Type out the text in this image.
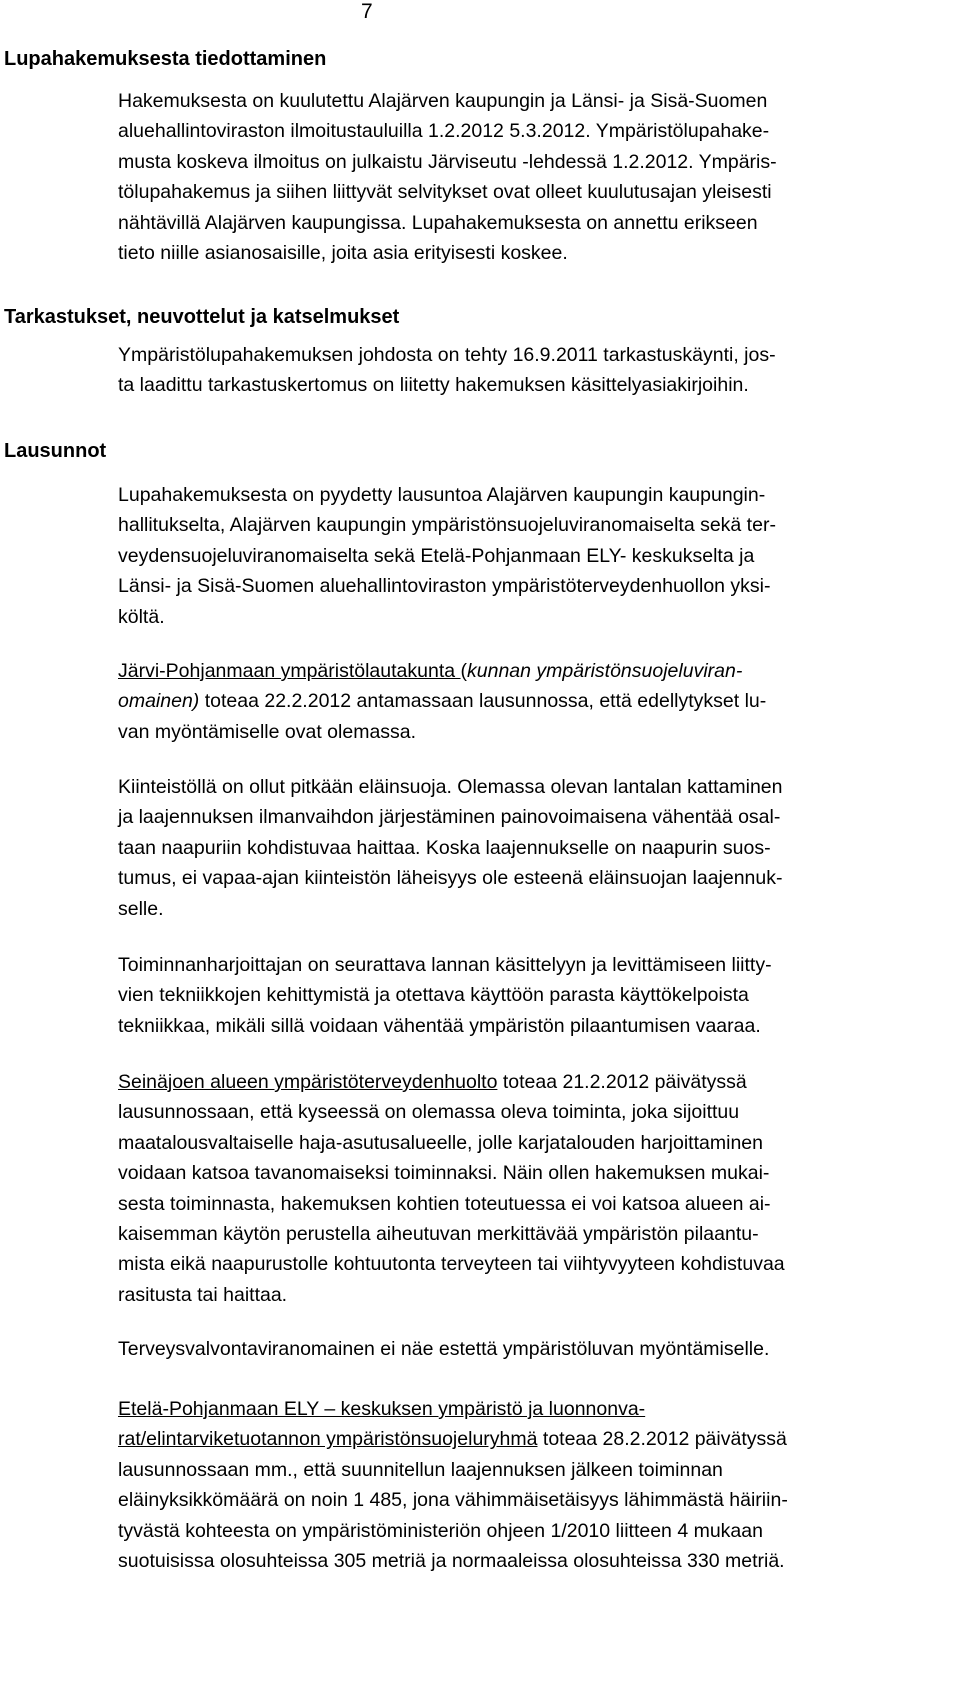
7
Lupahakemuksesta tiedottaminen
Hakemuksesta on kuulutettu Alajärven kaupungin ja Länsi- ja Sisä-Suomen
aluehallintoviraston ilmoitustauluilla 1.2.2012 5.3.2012. Ympäristölupahake-
musta koskeva ilmoitus on julkaistu Järviseutu -lehdessä 1.2.2012. Ympäris-
tölupahakemus ja siihen liittyvät selvitykset ovat olleet kuulutusajan yleisesti
nähtävillä Alajärven kaupungissa. Lupahakemuksesta on annettu erikseen
tieto niille asianosaisille, joita asia erityisesti koskee.
Tarkastukset, neuvottelut ja katselmukset
Ympäristölupahakemuksen johdosta on tehty 16.9.2011 tarkastuskäynti, jos-
ta laadittu tarkastuskertomus on liitetty hakemuksen käsittelyasiakirjoihin.
Lausunnot
Lupahakemuksesta on pyydetty lausuntoa Alajärven kaupungin kaupungin-
hallitukselta, Alajärven kaupungin ympäristönsuojeluviranomaiselta sekä ter-
veydensuojeluviranomaiselta sekä Etelä-Pohjanmaan ELY- keskukselta ja
Länsi- ja Sisä-Suomen aluehallintoviraston ympäristöterveydenhuollon yksi-
költä.
Järvi-Pohjanmaan ympäristölautakunta (kunnan ympäristönsuojeluviran-
omainen) toteaa 22.2.2012 antamassaan lausunnossa, että edellytykset lu-
van myöntämiselle ovat olemassa.
Kiinteistöllä on ollut pitkään eläinsuoja. Olemassa olevan lantalan kattaminen
ja laajennuksen ilmanvaihdon järjestäminen painovoimaisena vähentää osal-
taan naapuriin kohdistuvaa haittaa. Koska laajennukselle on naapurin suos-
tumus, ei vapaa-ajan kiinteistön läheisyys ole esteenä eläinsuojan laajennuk-
selle.
Toiminnanharjoittajan on seurattava lannan käsittelyyn ja levittämiseen liitty-
vien tekniikkojen kehittymistä ja otettava käyttöön parasta käyttökelpoista
tekniikkaa, mikäli sillä voidaan vähentää ympäristön pilaantumisen vaaraa.
Seinäjoen alueen ympäristöterveydenhuolto toteaa 21.2.2012 päivätyssä
lausunnossaan, että kyseessä on olemassa oleva toiminta, joka sijoittuu
maatalousvaltaiselle haja-asutusalueelle, jolle karjatalouden harjoittaminen
voidaan katsoa tavanomaiseksi toiminnaksi. Näin ollen hakemuksen mukai-
sesta toiminnasta, hakemuksen kohtien toteutuessa ei voi katsoa alueen ai-
kaisemman käytön perustella aiheutuvan merkittävää ympäristön pilaantu-
mista eikä naapurustolle kohtuutonta terveyteen tai viihtyvyyteen kohdistuvaa
rasitusta tai haittaa.
Terveysvalvontaviranomainen ei näe estettä ympäristöluvan myöntämiselle.
Etelä-Pohjanmaan ELY – keskuksen ympäristö ja luonnonva-
rat/elintarviketuotannon ympäristönsuojeluryhmä toteaa 28.2.2012 päivätyssä
lausunnossaan mm., että suunnitellun laajennuksen jälkeen toiminnan
eläinyksikkömäärä on noin 1 485, jona vähimmäisetäisyys lähimmästä häiriin-
tyvästä kohteesta on ympäristöministeriön ohjeen 1/2010 liitteen 4 mukaan
suotuisissa olosuhteissa 305 metriä ja normaaleissa olosuhteissa 330 metriä.
